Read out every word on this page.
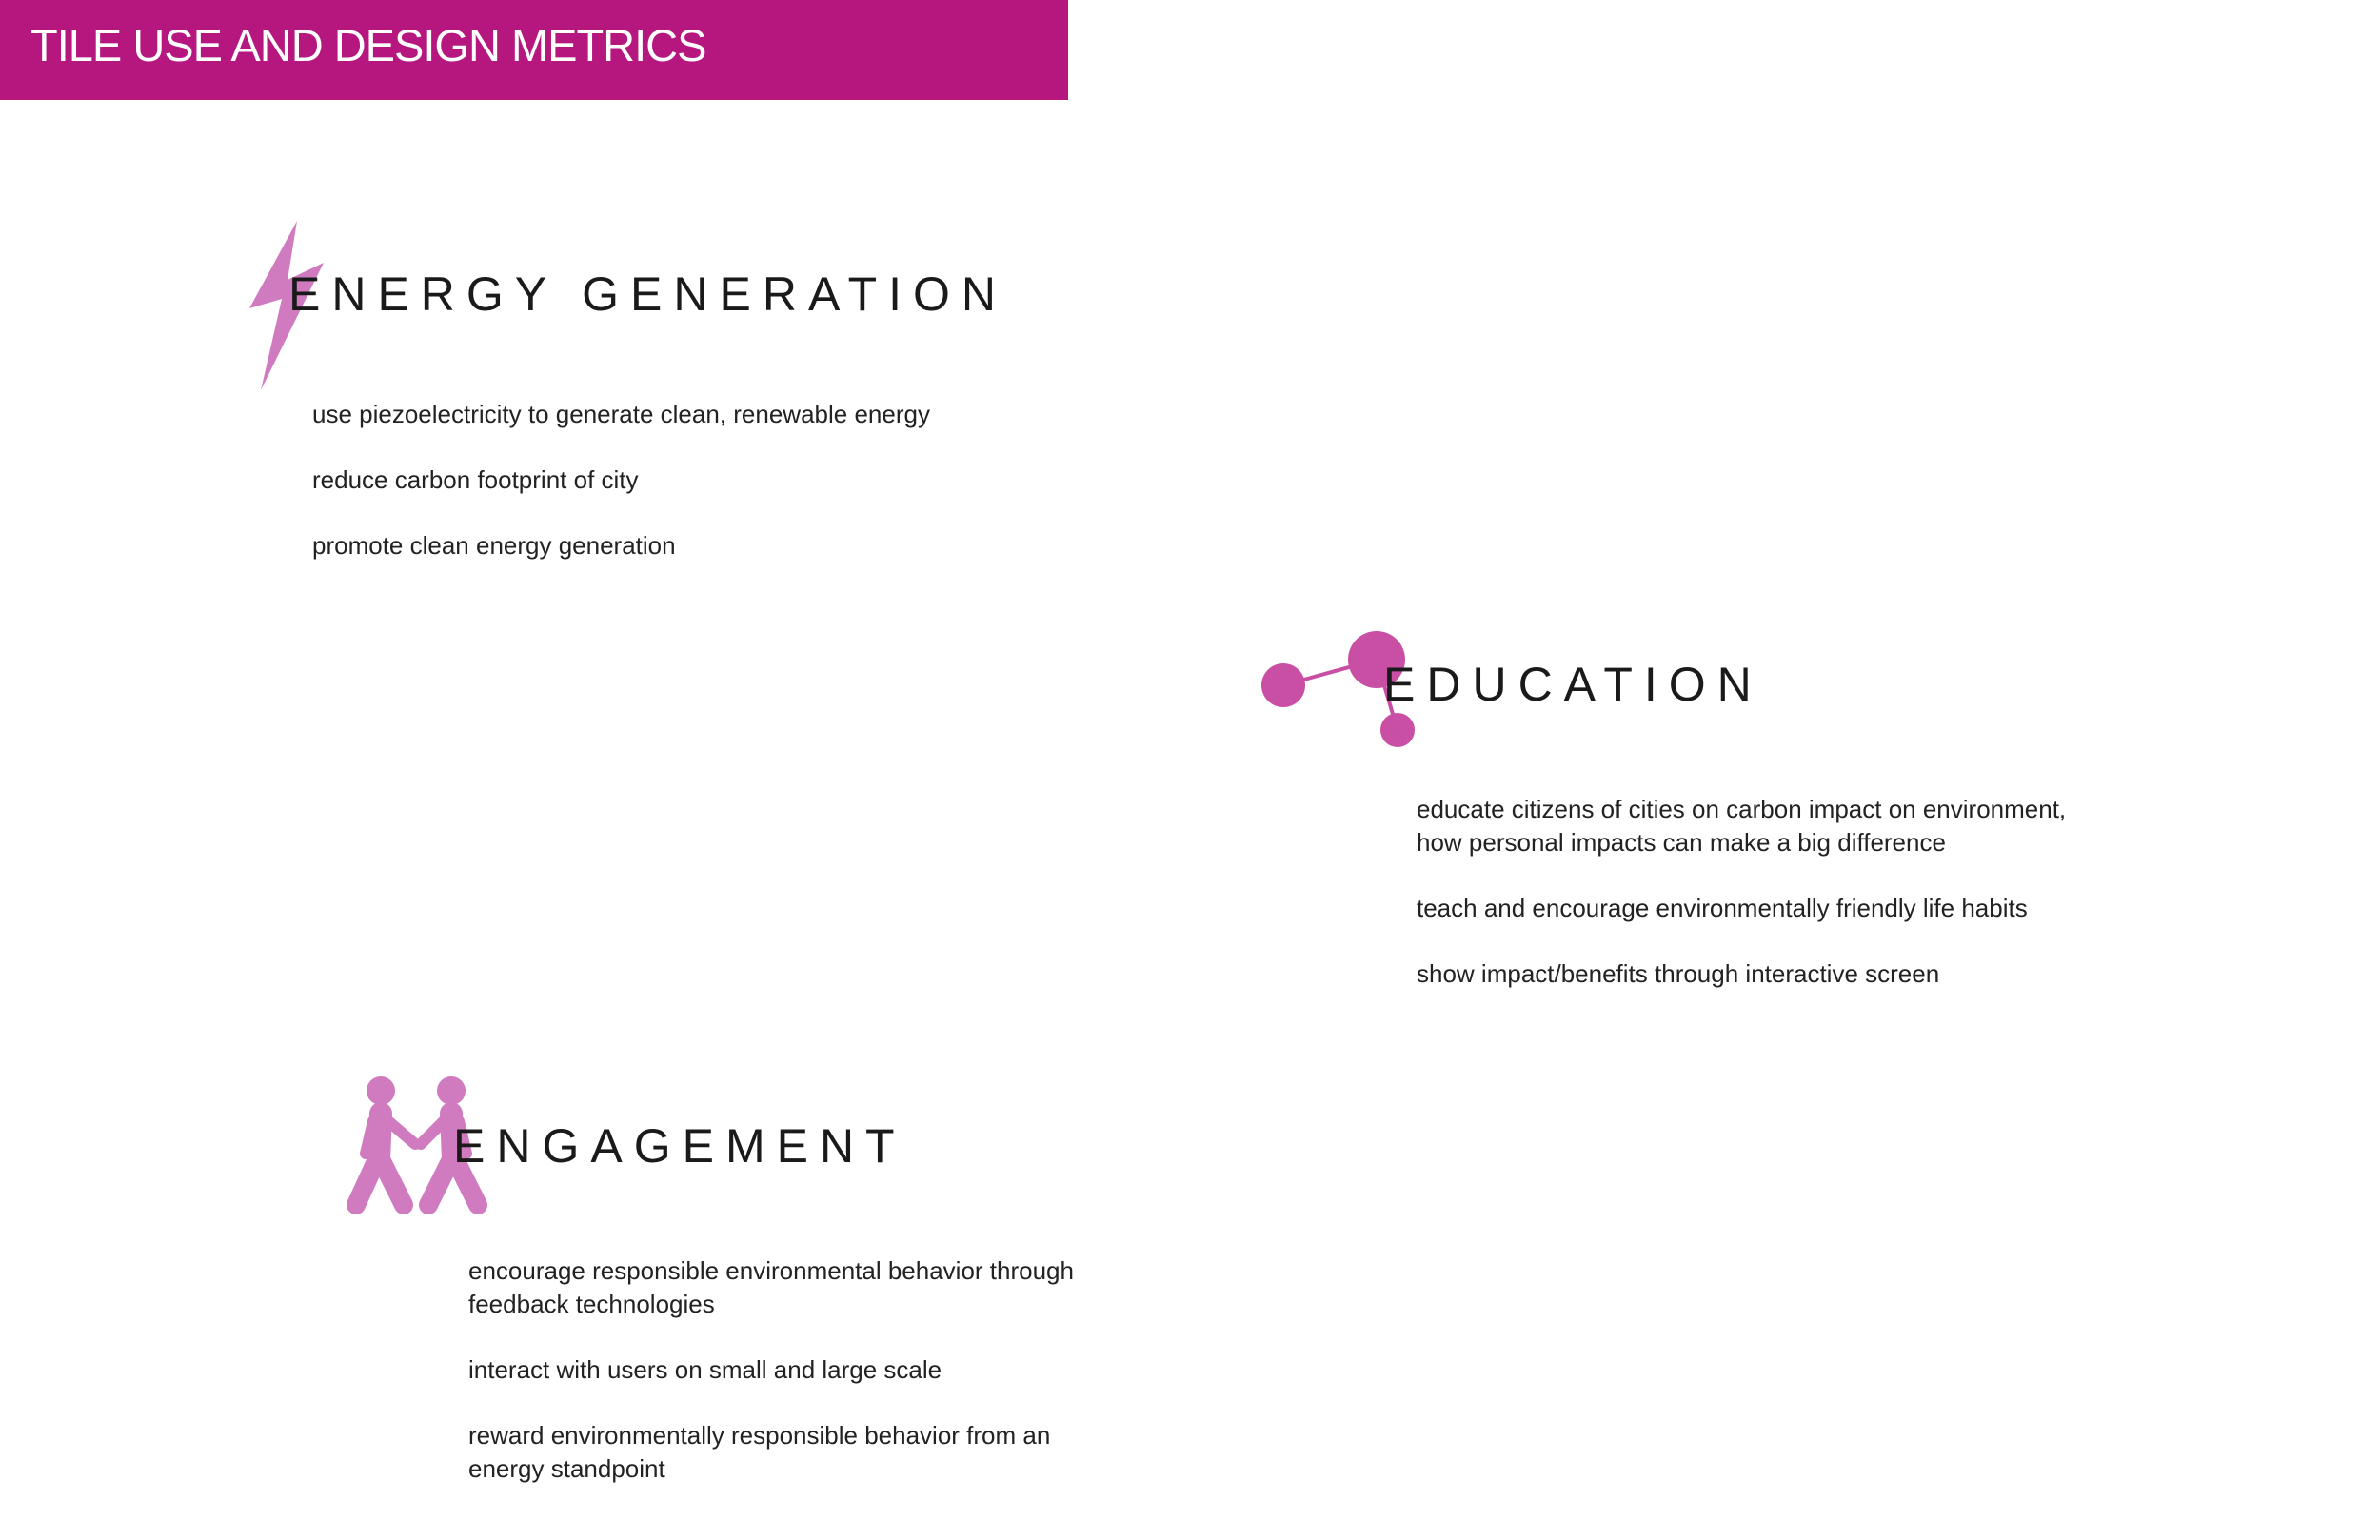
TILE USE AND DESIGN METRICS
ENERGY GENERATION
use piezoelectricity to generate clean, renewable energy
reduce carbon footprint of city
promote clean energy generation
EDUCATION
educate citizens of cities on carbon impact on environment,
how personal impacts can make a big difference
teach and encourage environmentally friendly life habits
show impact/benefits through interactive screen
ENGAGEMENT
encourage responsible environmental behavior through
feedback technologies
interact with users on small and large scale
reward environmentally responsible behavior from an
energy standpoint
